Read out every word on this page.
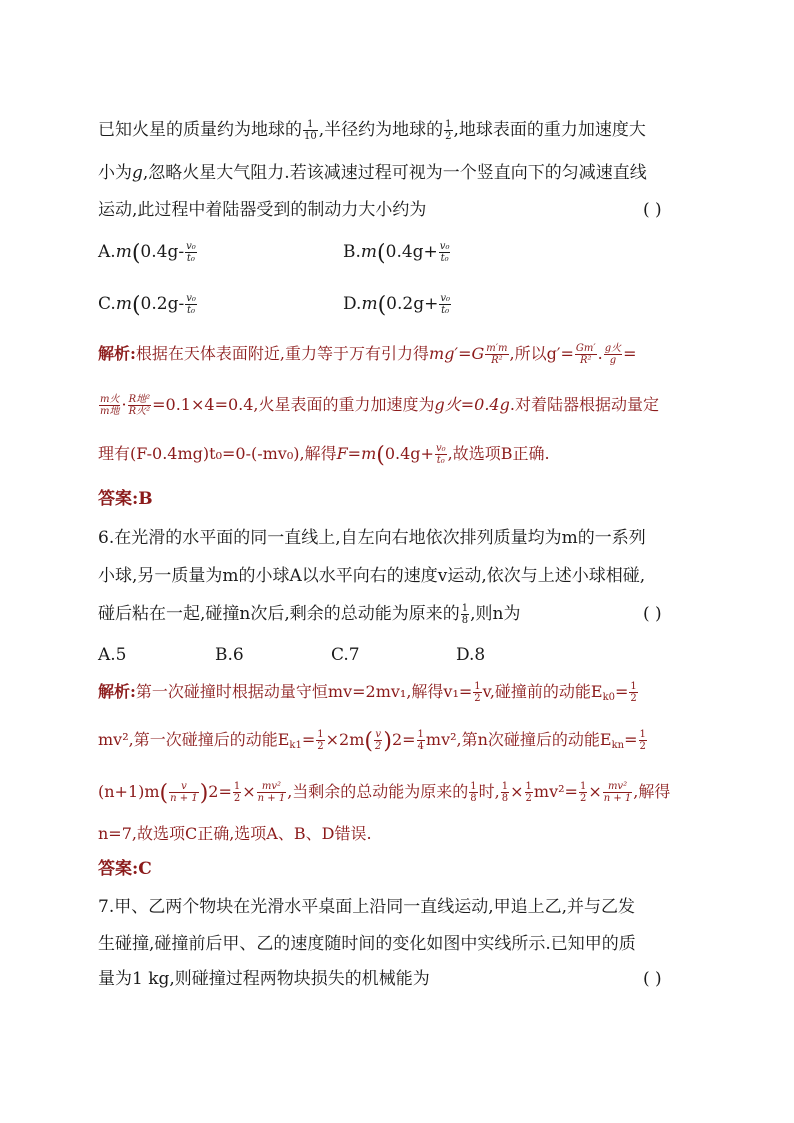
已知火星的质量约为地球的 $\frac{1}{10}$ ,半径约为地球的 $\frac{1}{2}$ ,地球表面的重力加速度大
小为g,忽略火星大气阻力.若该减速过程可视为一个竖直向下的匀减速直线
运动,此过程中着陆器受到的制动力大小约为	( )
$A.m(0.4g- \frac{\text{v₀}}{\text{t₀}}$	$B.m(0.4g+ \frac{\text{v₀}}{\text{t₀}}$
$C.m(0.2g- \frac{\text{v₀}}{\text{t₀}}$	$D.m(0.2g+ \frac{\text{v₀}}{\text{t₀}}$
解析:根据在天体表面附近,重力等于万有引力得$mg'=G \frac{m'm}{\text{R²}}$ ,所以$g'= \frac{Gm'}{\text{R²}}$ . $\frac{\text{g火}}{g}$ =
$\frac{\text{m火}}{\text{m地}} \cdot \frac{\text{R地²}}{\text{R火²}} =0.1\times 4=0.4$,火星表面的重力加速度为g火=0.4g.对着陆器根据动量定
理有(F-0.4mg)t₀=0-(-mv₀),解得$F=m(0.4g+ \frac{\text{v₀}}{\text{t₀}}$ ,故选项B正确.
答案:B
6.在光滑的水平面的同一直线上,自左向右地依次排列质量均为m的一系列
小球,另一质量为m的小球A以水平向右的速度v运动,依次与上述小球相碰,
碰后粘在一起,碰撞n次后,剩余的总动能为原来的 $\frac{1}{8}$ ,则n为	( )
A.5	B.6	C.7	D.8
解析:第一次碰撞时根据动量守恒mv=2mv₁,解得$v_1= \frac{1}{2} v$,碰撞前的动能$E_{k0}= \frac{1}{2}$
mv²,第一次碰撞后的动能$E_{k1}= \frac{1}{2} \times 2m( \frac{v}{2} )2= \frac{1}{4} mv^2$,第n次碰撞后的动能$E_{kn}= \frac{1}{2}$
$(n+1)m( \frac{v}{n + 1} )2= \frac{1}{2} \times \frac{\text{mv²}}{n + 1}$ ,当剩余的总动能为原来的 $\frac{1}{8}$ 时, $\frac{1}{8} \times \frac{1}{2} mv^2= \frac{1}{2} \times \frac{\text{mv²}}{n + 1}$ ,解得
n=7,故选项C正确,选项A、B、D错误.
答案:C
7.甲、乙两个物块在光滑水平桌面上沿同一直线运动,甲追上乙,并与乙发
生碰撞,碰撞前后甲、乙的速度随时间的变化如图中实线所示.已知甲的质
量为1 kg,则碰撞过程两物块损失的机械能为	( )
